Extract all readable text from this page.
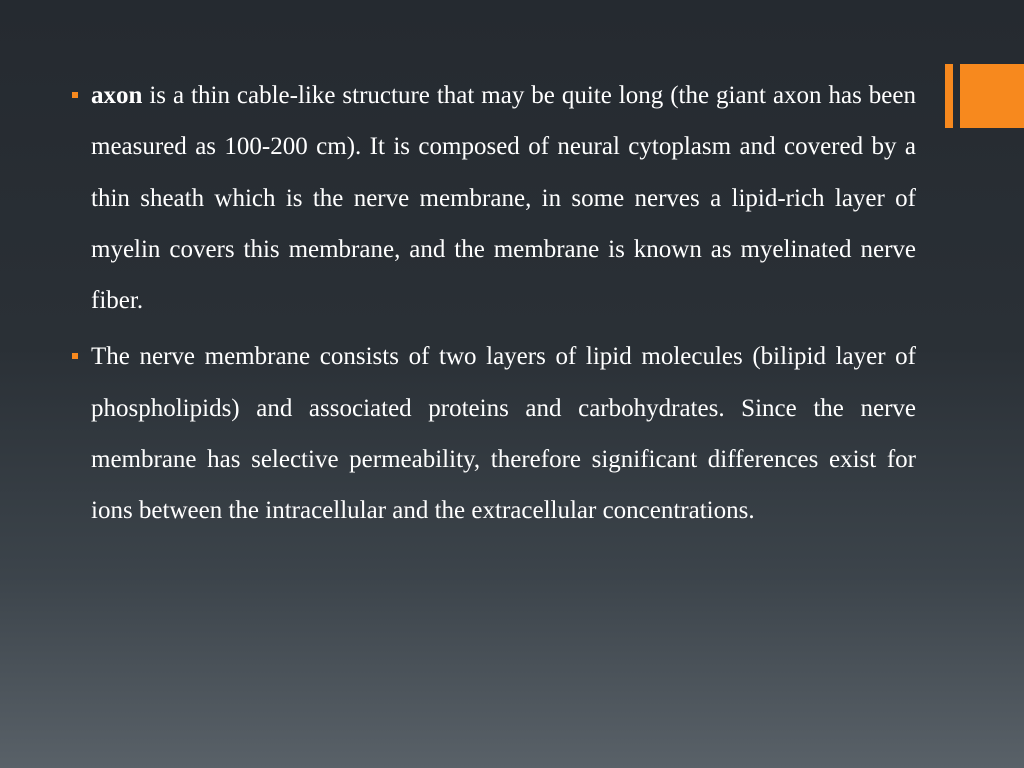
axon is a thin cable-like structure that may be quite long (the giant axon has been measured as 100-200 cm). It is composed of neural cytoplasm and covered by a thin sheath which is the nerve membrane, in some nerves a lipid-rich layer of myelin covers this membrane, and the membrane is known as myelinated nerve fiber.

The nerve membrane consists of two layers of lipid molecules (bilipid layer of phospholipids) and associated proteins and carbohydrates. Since the nerve membrane has selective permeability, therefore significant differences exist for ions between the intracellular and the extracellular concentrations.
